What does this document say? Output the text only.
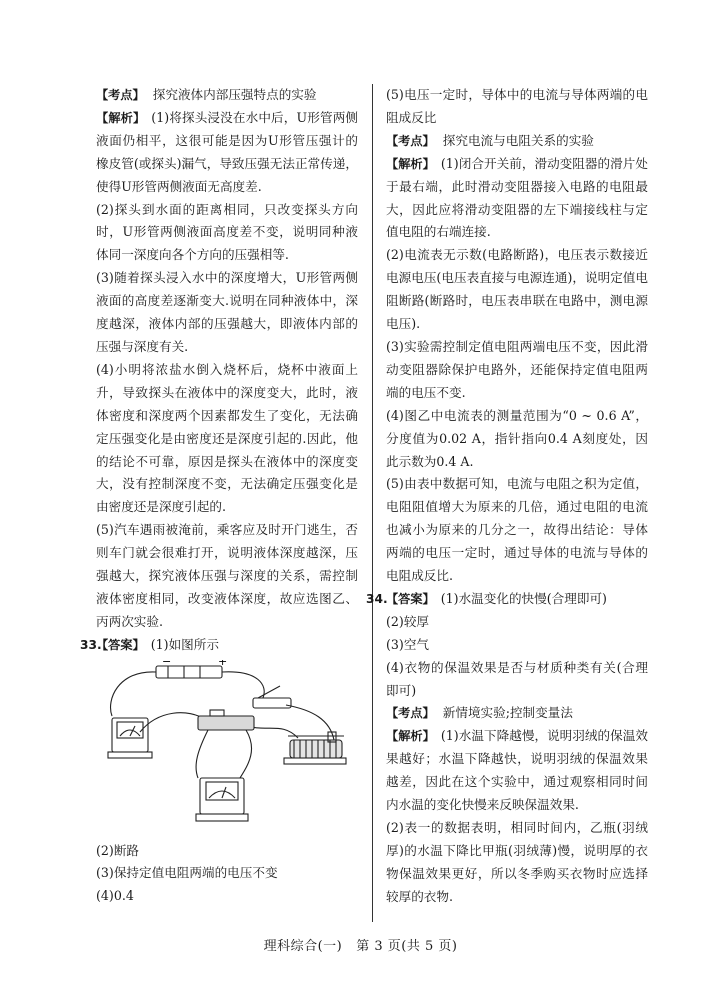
【考点】 探究液体内部压强特点的实验

【解析】 (1)将探头浸没在水中后，U形管两侧液面仍相平，这很可能是因为U形管压强计的橡皮管(或探头)漏气，导致压强无法正常传递，使得U形管两侧液面无高度差.

(2)探头到水面的距离相同，只改变探头方向时，U形管两侧液面高度差不变，说明同种液体同一深度向各个方向的压强相等.

(3)随着探头浸入水中的深度增大，U形管两侧液面的高度差逐渐变大.说明在同种液体中，深度越深，液体内部的压强越大，即液体内部的压强与深度有关.

(4)小明将浓盐水倒入烧杯后，烧杯中液面上升，导致探头在液体中的深度变大，此时，液体密度和深度两个因素都发生了变化，无法确定压强变化是由密度还是深度引起的.因此，他的结论不可靠，原因是探头在液体中的深度变大，没有控制深度不变，无法确定压强变化是由密度还是深度引起的.

(5)汽车遇雨被淹前，乘客应及时开门逃生，否则车门就会很难打开，说明液体深度越深，压强越大，探究液体压强与深度的关系，需控制液体密度相同，改变液体深度，故应选图乙、丙两次实验.

33.
【答案】 (1)如图所示

−	+

(2)断路

(3)保持定值电阻两端的电压不变

(4)0.4

(5)电压一定时，导体中的电流与导体两端的电阻成反比

【考点】 探究电流与电阻关系的实验

【解析】 (1)闭合开关前，滑动变阻器的滑片处于最右端，此时滑动变阻器接入电路的电阻最大，因此应将滑动变阻器的左下端接线柱与定值电阻的右端连接.

(2)电流表无示数(电路断路)，电压表示数接近电源电压(电压表直接与电源连通)，说明定值电阻断路(断路时，电压表串联在电路中，测电源电压).

(3)实验需控制定值电阻两端电压不变，因此滑动变阻器除保护电路外，还能保持定值电阻两端的电压不变.

(4)图乙中电流表的测量范围为“0 ~ 0.6 A”，分度值为0.02 A，指针指向0.4 A刻度处，因此示数为0.4 A.

(5)由表中数据可知，电流与电阻之积为定值，电阻阻值增大为原来的几倍，通过电阻的电流也减小为原来的几分之一，故得出结论：导体两端的电压一定时，通过导体的电流与导体的电阻成反比.

34.
【答案】 (1)水温变化的快慢(合理即可)

(2)较厚

(3)空气

(4)衣物的保温效果是否与材质种类有关(合理即可)

【考点】 新情境实验;控制变量法

【解析】 (1)水温下降越慢，说明羽绒的保温效果越好；水温下降越快，说明羽绒的保温效果越差，因此在这个实验中，通过观察相同时间内水温的变化快慢来反映保温效果.

(2)表一的数据表明，相同时间内，乙瓶(羽绒厚)的水温下降比甲瓶(羽绒薄)慢，说明厚的衣物保温效果更好，所以冬季购买衣物时应选择较厚的衣物.

理科综合(一) 第 3 页(共 5 页)
